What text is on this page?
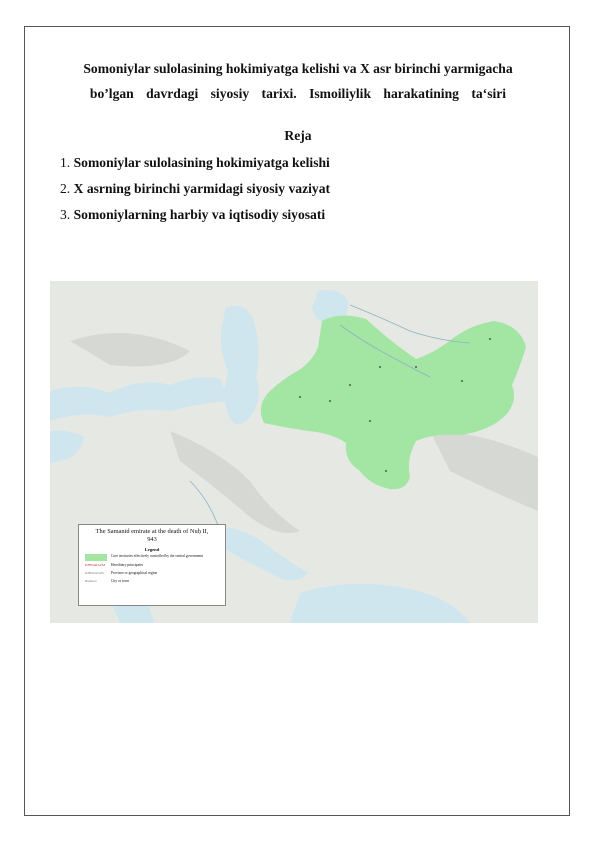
Somoniylar sulolasining hokimiyatga kelishi va X asr birinchi yarmigacha
bo’lgan davrdagi siyosiy tarixi. Ismoiliylik harakatining ta‘siri
Reja
1. Somoniylar sulolasining hokimiyatga kelishi
2. X asrning birinchi yarmidagi siyosiy vaziyat
3. Somoniylarning harbiy va iqtisodiy siyosati
The Samanid emirate at the death of Nuḥ II,
943
Legend
Core territories effectively controlled by the central government
KHWARAZM	Hereditary principates
KHURASAN	Province or geographical region
Bukhara	City or town
